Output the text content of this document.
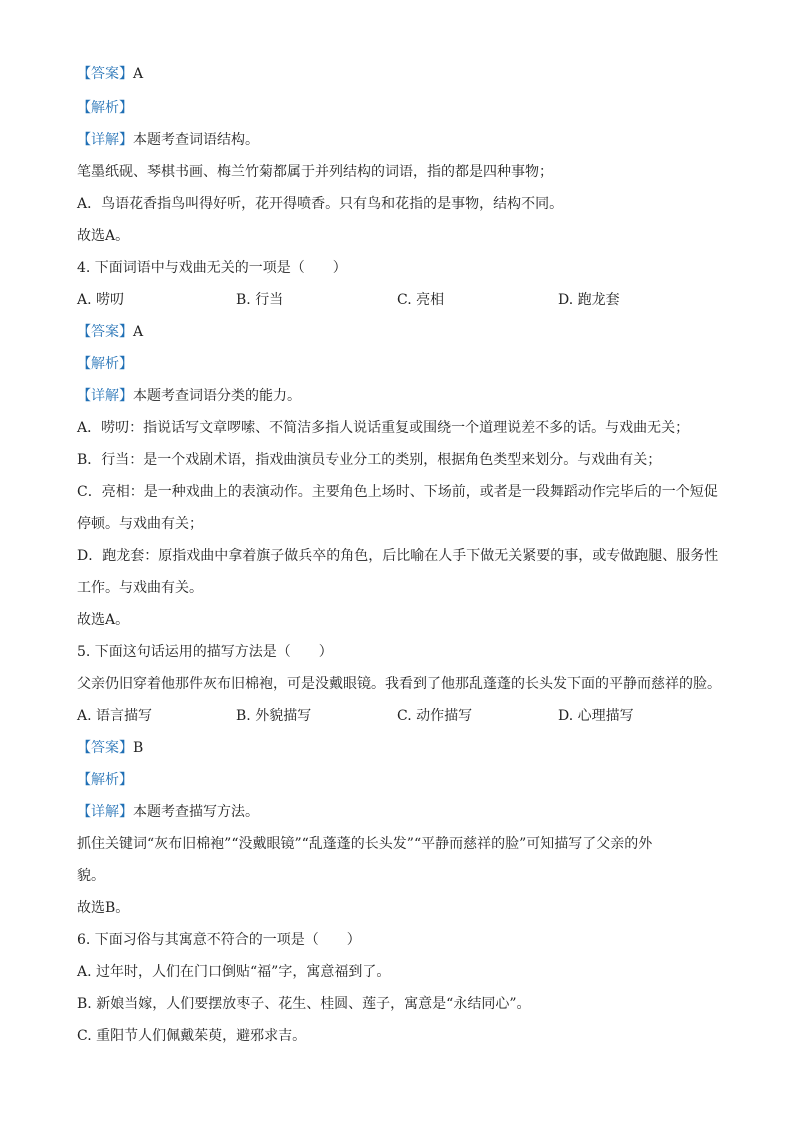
【答案】A
【解析】
【详解】本题考查词语结构。
笔墨纸砚、琴棋书画、梅兰竹菊都属于并列结构的词语，指的都是四种事物；
A．鸟语花香指鸟叫得好听，花开得喷香。只有鸟和花指的是事物，结构不同。
故选A。
4. 下面词语中与戏曲无关的一项是（　　）
A. 唠叨	B. 行当	C. 亮相	D. 跑龙套
【答案】A
【解析】
【详解】本题考查词语分类的能力。
A．唠叨：指说话写文章啰嗦、不简洁多指人说话重复或围绕一个道理说差不多的话。与戏曲无关；
B．行当：是一个戏剧术语，指戏曲演员专业分工的类别，根据角色类型来划分。与戏曲有关；
C．亮相：是一种戏曲上的表演动作。主要角色上场时、下场前，或者是一段舞蹈动作完毕后的一个短促
停顿。与戏曲有关；
D．跑龙套：原指戏曲中拿着旗子做兵卒的角色，后比喻在人手下做无关紧要的事，或专做跑腿、服务性
工作。与戏曲有关。
故选A。
5. 下面这句话运用的描写方法是（　　）
父亲仍旧穿着他那件灰布旧棉袍，可是没戴眼镜。我看到了他那乱蓬蓬的长头发下面的平静而慈祥的脸。
A. 语言描写	B. 外貌描写	C. 动作描写	D. 心理描写
【答案】B
【解析】
【详解】本题考查描写方法。
抓住关键词“灰布旧棉袍”“没戴眼镜”“乱蓬蓬的长头发”“平静而慈祥的脸”可知描写了父亲的外
貌。
故选B。
6. 下面习俗与其寓意不符合的一项是（　　）
A. 过年时，人们在门口倒贴“福”字，寓意福到了。
B. 新娘当嫁，人们要摆放枣子、花生、桂圆、莲子，寓意是“永结同心”。
C. 重阳节人们佩戴茱萸，避邪求吉。
